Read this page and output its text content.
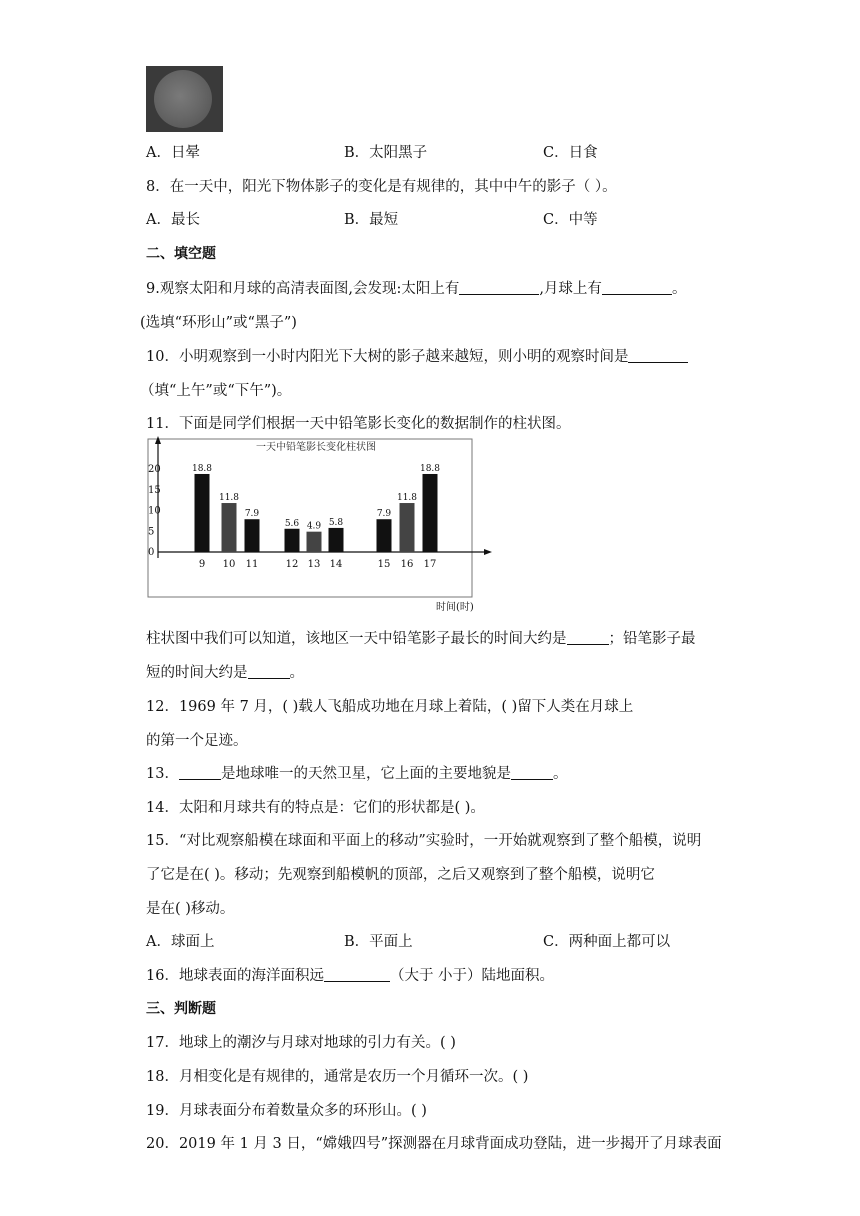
A．日晕	B．太阳黑子	C．日食
8．在一天中，阳光下物体影子的变化是有规律的，其中中午的影子（ ）。
A．最长	B．最短	C．中等
二、填空题
9.观察太阳和月球的高清表面图,会发现:太阳上有	,月球上有	。
(选填“环形山”或“黑子”)
10．小明观察到一小时内阳光下大树的影子越来越短，则小明的观察时间是
（填“上午”或“下午”)。
11．下面是同学们根据一天中铅笔影长变化的数据制作的柱状图。
一天中铅笔影长变化柱状图
0
5
10
15
20	18.8
9
11.8
10
7.9
11
5.6
12
4.9
13
5.8
14
7.9
15
11.8
16
18.8
17
时间(时)
柱状图中我们可以知道，该地区一天中铅笔影子最长的时间大约是	；铅笔影子最
短的时间大约是	。
12．1969 年 7 月，( )载人飞船成功地在月球上着陆，( )留下人类在月球上
的第一个足迹。
13．	是地球唯一的天然卫星，它上面的主要地貌是	。
14．太阳和月球共有的特点是：它们的形状都是( )。
15．“对比观察船模在球面和平面上的移动”实验时，一开始就观察到了整个船模，说明
了它是在( )。移动；先观察到船模帆的顶部，之后又观察到了整个船模，说明它
是在( )移动。
A．球面上	B．平面上	C．两种面上都可以
16．地球表面的海洋面积远	（大于 小于）陆地面积。
三、判断题
17．地球上的潮汐与月球对地球的引力有关。( )
18．月相变化是有规律的，通常是农历一个月循环一次。( )
19．月球表面分布着数量众多的环形山。( )
20．2019 年 1 月 3 日，“嫦娥四号”探测器在月球背面成功登陆，进一步揭开了月球表面
